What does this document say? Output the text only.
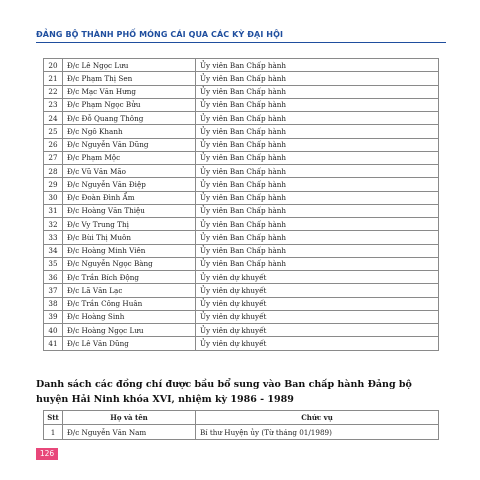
ĐẢNG BỘ THÀNH PHỐ MÓNG CÁI QUA CÁC KỲ ĐẠI HỘI
20	Đ/c Lê Ngọc Lưu	Ủy viên Ban Chấp hành
21	Đ/c Phạm Thị Sen	Ủy viên Ban Chấp hành
22	Đ/c Mạc Văn Hưng	Ủy viên Ban Chấp hành
23	Đ/c Phạm Ngọc Bửu	Ủy viên Ban Chấp hành
24	Đ/c Đỗ Quang Thông	Ủy viên Ban Chấp hành
25	Đ/c Ngô Khanh	Ủy viên Ban Chấp hành
26	Đ/c Nguyễn Văn Dũng	Ủy viên Ban Chấp hành
27	Đ/c Phạm Mộc	Ủy viên Ban Chấp hành
28	Đ/c Vũ Văn Mão	Ủy viên Ban Chấp hành
29	Đ/c Nguyễn Văn Điệp	Ủy viên Ban Chấp hành
30	Đ/c Đoàn Đình Ẩm	Ủy viên Ban Chấp hành
31	Đ/c Hoàng Văn Thiệu	Ủy viên Ban Chấp hành
32	Đ/c Vy Trung Thị	Ủy viên Ban Chấp hành
33	Đ/c Bùi Thị Muôn	Ủy viên Ban Chấp hành
34	Đ/c Hoàng Minh Viên	Ủy viên Ban Chấp hành
35	Đ/c Nguyễn Ngọc Bàng	Ủy viên Ban Chấp hành
36	Đ/c Trần Bích Động	Ủy viên dự khuyết
37	Đ/c Lã Văn Lạc	Ủy viên dự khuyết
38	Đ/c Trần Công Huân	Ủy viên dự khuyết
39	Đ/c Hoàng Sinh	Ủy viên dự khuyết
40	Đ/c Hoàng Ngọc Lưu	Ủy viên dự khuyết
41	Đ/c Lê Văn Dũng	Ủy viên dự khuyết
Danh sách các đồng chí được bầu bổ sung vào Ban chấp hành Đảng bộ huyện Hải Ninh khóa XVI, nhiệm kỳ 1986 - 1989
Stt	Họ và tên	Chức vụ
1	Đ/c Nguyễn Văn Nam	Bí thư Huyện ủy (Từ tháng 01/1989)
126
